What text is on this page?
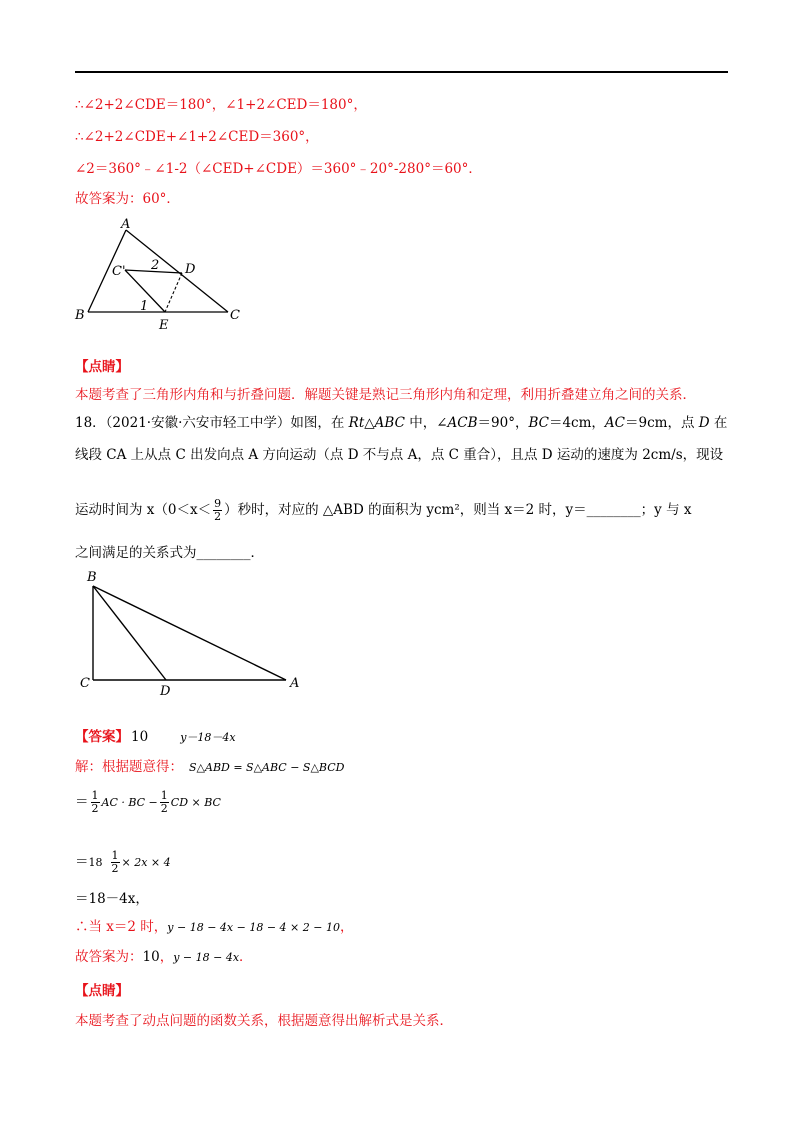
∴∠2+2∠CDE＝180°，∠1+2∠CED＝180°，
∴∠2+2∠CDE+∠1+2∠CED＝360°，
∠2＝360°﹣∠1-2（∠CED+∠CDE）＝360°﹣20°-280°＝60°．
故答案为：60°．
A
B	C
D
E
C'
1
2
【点睛】
本题考查了三角形内角和与折叠问题．解题关键是熟记三角形内角和定理，利用折叠建立角之间的关系．
18．（2021·安徽·六安市轻工中学）如图，在 Rt△ABC 中，∠ACB＝90°，BC＝4cm，AC＝9cm，点 D 在
线段 CA 上从点 C 出发向点 A 方向运动（点 D 不与点 A，点 C 重合），且点 D 运动的速度为 2cm/s，现设
运动时间为 $x(0<x< \frac{9}{2}$ ）秒时，对应的 △ABD 的面积为 ycm²，则当 x＝2 时，y＝________；y 与 x
之间满足的关系式为________．
B
C
D
A
【答案】 10	y－18－4x
解：根据题意得： S△ABD = S△ABC − S△BCD
＝ $\frac{1}{2}$ AC · BC − $\frac{1}{2}$ CD × BC
$=18 \frac{1}{2} \times 2x \times 4$
＝18－4x，
∴当 x＝2 时，y − 18 − 4x − 18 − 4 × 2 − 10，
故答案为：10，y − 18 − 4x．
【点睛】
本题考查了动点问题的函数关系，根据题意得出解析式是关系．
